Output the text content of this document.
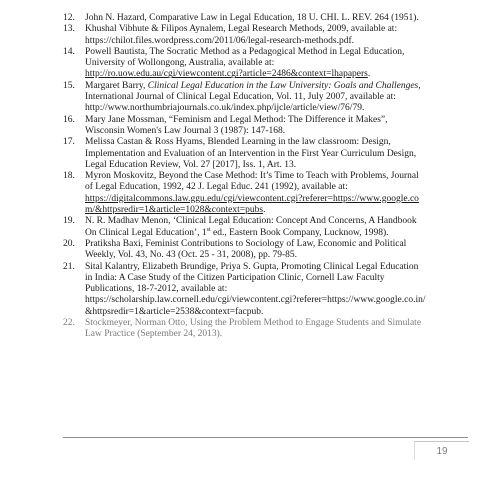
12. John N. Hazard, Comparative Law in Legal Education, 18 U. CHI. L. REV. 264 (1951).
13. Khushal Vibhute & Filipos Aynalem, Legal Research Methods, 2009, available at:
https://chilot.files.wordpress.com/2011/06/legal-research-methods.pdf.
14. Powell Bautista, The Socratic Method as a Pedagogical Method in Legal Education,
University of Wollongong, Australia, available at:
http://ro.uow.edu.au/cgi/viewcontent.cgi?article=2486&context=lhapapers.
15. Margaret Barry, Clinical Legal Education in the Law University: Goals and Challenges,
International Journal of Clinical Legal Education, Vol. 11, July 2007, available at:
http://www.northumbriajournals.co.uk/index.php/ijcle/article/view/76/79.
16. Mary Jane Mossman, “Feminism and Legal Method: The Difference it Makes”,
Wisconsin Women's Law Journal 3 (1987): 147-168.
17. Melissa Castan & Ross Hyams, Blended Learning in the law classroom: Design,
Implementation and Evaluation of an Intervention in the First Year Curriculum Design,
Legal Education Review, Vol. 27 [2017], Iss. 1, Art. 13.
18. Myron Moskovitz, Beyond the Case Method: It’s Time to Teach with Problems, Journal
of Legal Education, 1992, 42 J. Legal Educ. 241 (1992), available at:
https://digitalcommons.law.ggu.edu/cgi/viewcontent.cgi?referer=https://www.google.co
m/&httpsredir=1&article=1028&context=pubs.
19. N. R. Madhav Menon, ‘Clinical Legal Education: Concept And Concerns, A Handbook
On Clinical Legal Education’, 1st ed., Eastern Book Company, Lucknow, 1998).
20. Pratiksha Baxi, Feminist Contributions to Sociology of Law, Economic and Political
Weekly, Vol. 43, No. 43 (Oct. 25 - 31, 2008), pp. 79-85.
21. Sital Kalantry, Elizabeth Brundige, Priya S. Gupta, Promoting Clinical Legal Education
in India: A Case Study of the Citizen Participation Clinic, Cornell Law Faculty
Publications, 18-7-2012, available at:
https://scholarship.law.cornell.edu/cgi/viewcontent.cgi?referer=https://www.google.co.in/
&httpsredir=1&article=2538&context=facpub.
22. Stockmeyer, Norman Otto, Using the Problem Method to Engage Students and Simulate
Law Practice (September 24, 2013).
19
